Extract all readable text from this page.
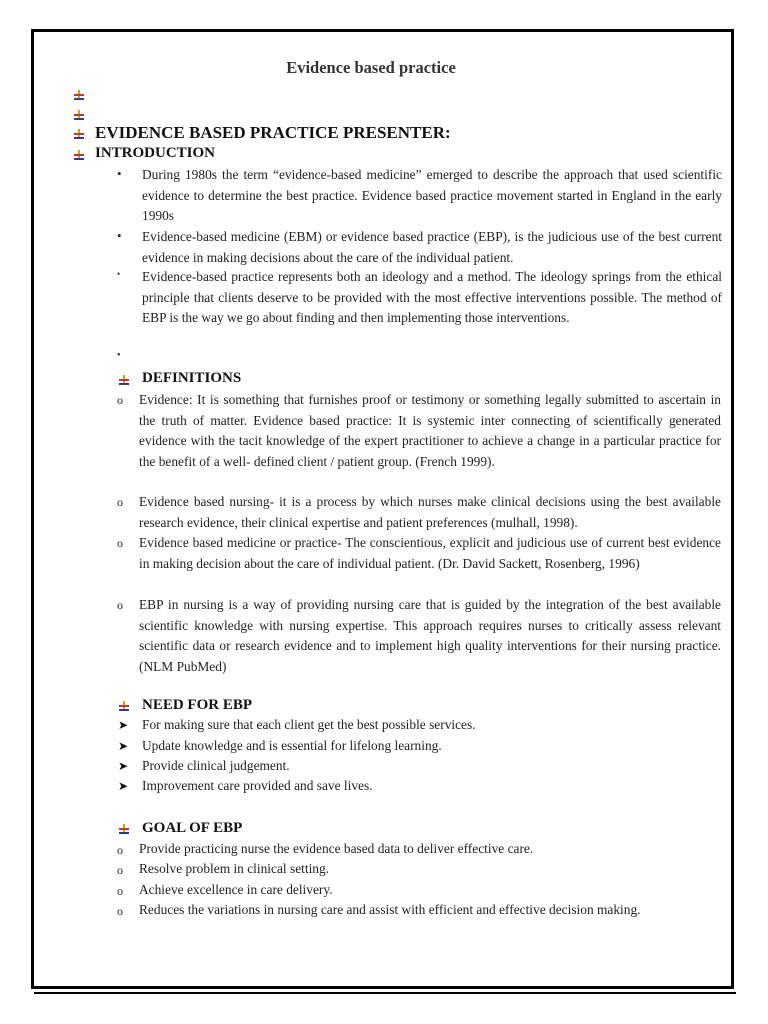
Evidence based practice
EVIDENCE BASED PRACTICE PRESENTER:
INTRODUCTION
• During 1980s the term “evidence-based medicine” emerged to describe the approach that used scientific evidence to determine the best practice. Evidence based practice movement started in England in the early 1990s
• Evidence-based medicine (EBM) or evidence based practice (EBP), is the judicious use of the best current evidence in making decisions about the care of the individual patient.
• Evidence-based practice represents both an ideology and a method. The ideology springs from the ethical principle that clients deserve to be provided with the most effective interventions possible. The method of EBP is the way we go about finding and then implementing those interventions.
•
DEFINITIONS
o Evidence: It is something that furnishes proof or testimony or something legally submitted to ascertain in the truth of matter. Evidence based practice: It is systemic inter connecting of scientifically generated evidence with the tacit knowledge of the expert practitioner to achieve a change in a particular practice for the benefit of a well- defined client / patient group. (French 1999).
o Evidence based nursing- it is a process by which nurses make clinical decisions using the best available research evidence, their clinical expertise and patient preferences (mulhall, 1998).
o Evidence based medicine or practice- The conscientious, explicit and judicious use of current best evidence in making decision about the care of individual patient. (Dr. David Sackett, Rosenberg, 1996)
o EBP in nursing is a way of providing nursing care that is guided by the integration of the best available scientific knowledge with nursing expertise. This approach requires nurses to critically assess relevant scientific data or research evidence and to implement high quality interventions for their nursing practice. (NLM PubMed)
NEED FOR EBP
➤ For making sure that each client get the best possible services.
➤ Update knowledge and is essential for lifelong learning.
➤ Provide clinical judgement.
➤ Improvement care provided and save lives.
GOAL OF EBP
o Provide practicing nurse the evidence based data to deliver effective care.
o Resolve problem in clinical setting.
o Achieve excellence in care delivery.
o Reduces the variations in nursing care and assist with efficient and effective decision making.
